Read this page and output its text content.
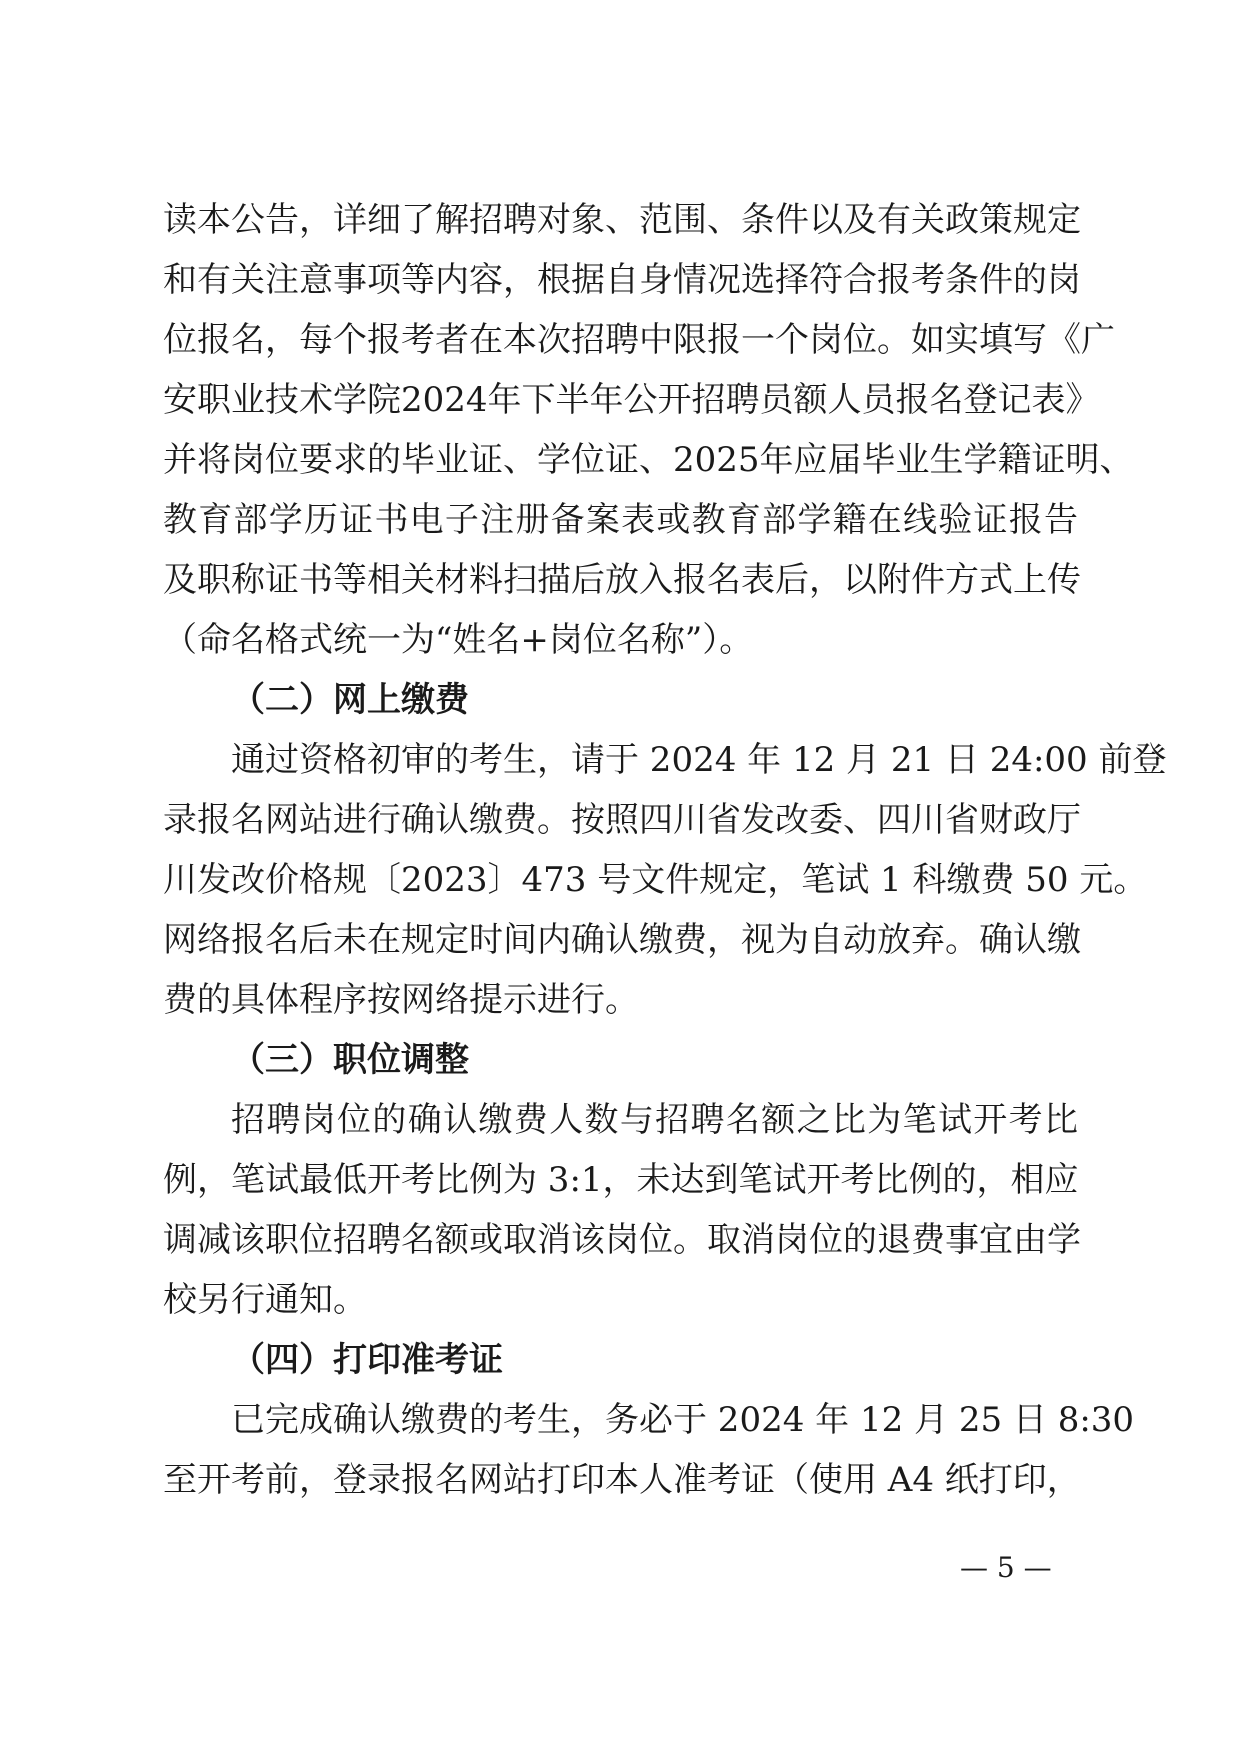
读本公告，详细了解招聘对象、范围、条件以及有关政策规定
和有关注意事项等内容，根据自身情况选择符合报考条件的岗
位报名，每个报考者在本次招聘中限报一个岗位。如实填写《广
安职业技术学院2024年下半年公开招聘员额人员报名登记表》
并将岗位要求的毕业证、学位证、2025年应届毕业生学籍证明、
教育部学历证书电子注册备案表或教育部学籍在线验证报告
及职称证书等相关材料扫描后放入报名表后，以附件方式上传
（命名格式统一为“姓名+岗位名称”）。
（二）网上缴费
通过资格初审的考生，请于 2024 年 12 月 21 日 24:00 前登
录报名网站进行确认缴费。按照四川省发改委、四川省财政厅
川发改价格规〔2023〕473 号文件规定，笔试 1 科缴费 50 元。
网络报名后未在规定时间内确认缴费，视为自动放弃。确认缴
费的具体程序按网络提示进行。
（三）职位调整
招聘岗位的确认缴费人数与招聘名额之比为笔试开考比
例，笔试最低开考比例为 3:1，未达到笔试开考比例的，相应
调减该职位招聘名额或取消该岗位。取消岗位的退费事宜由学
校另行通知。
（四）打印准考证
已完成确认缴费的考生，务必于 2024 年 12 月 25 日 8:30
至开考前，登录报名网站打印本人准考证（使用 A4 纸打印，
— 5 —
